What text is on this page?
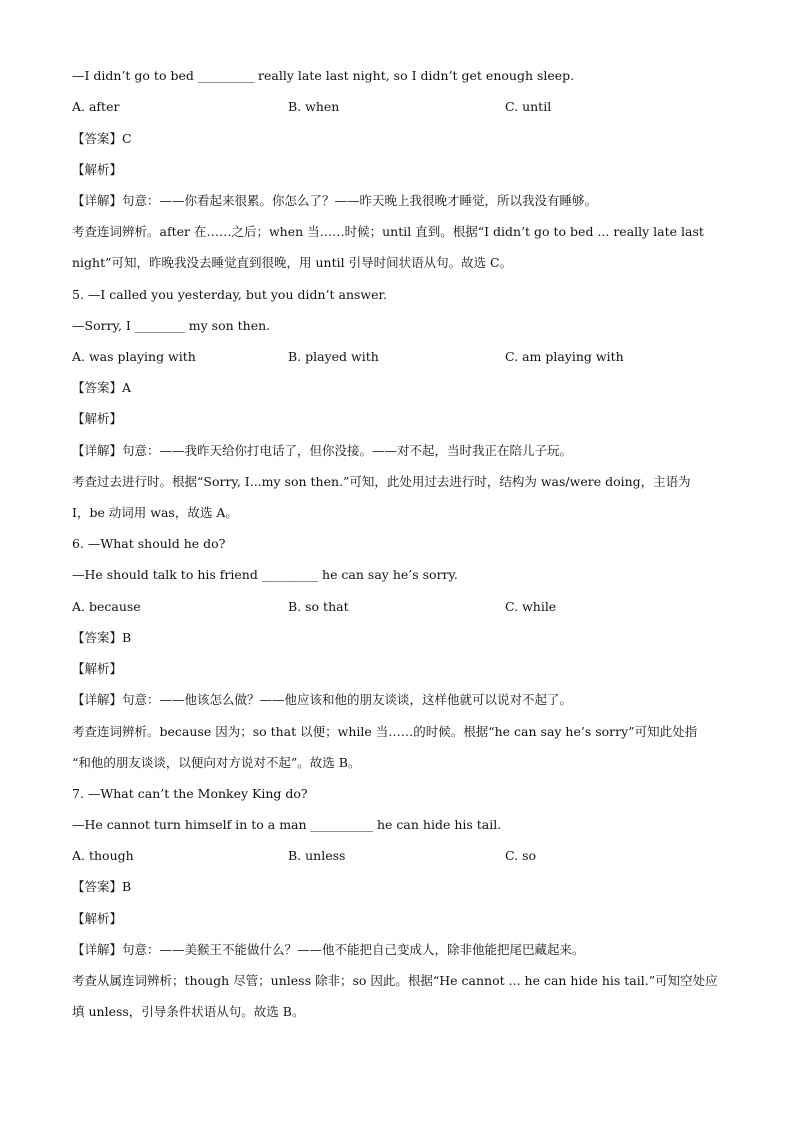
—I didn’t go to bed _________ really late last night, so I didn’t get enough sleep.
A. after	B. when	C. until
【答案】C
【解析】
【详解】句意：——你看起来很累。你怎么了？——昨天晚上我很晚才睡觉，所以我没有睡够。
考查连词辨析。after 在……之后；when 当……时候；until 直到。根据“I didn’t go to bed ... really late last
night”可知，昨晚我没去睡觉直到很晚，用 until 引导时间状语从句。故选 C。
5. —I called you yesterday, but you didn’t answer.
—Sorry, I ________ my son then.
A. was playing with	B. played with	C. am playing with
【答案】A
【解析】
【详解】句意：——我昨天给你打电话了，但你没接。——对不起，当时我正在陪儿子玩。
考查过去进行时。根据“Sorry, I...my son then.”可知，此处用过去进行时，结构为 was/were doing，主语为
I，be 动词用 was，故选 A。
6. —What should he do?
—He should talk to his friend _________ he can say he’s sorry.
A. because	B. so that	C. while
【答案】B
【解析】
【详解】句意：——他该怎么做？——他应该和他的朋友谈谈，这样他就可以说对不起了。
考查连词辨析。because 因为；so that 以便；while 当……的时候。根据“he can say he’s sorry”可知此处指
“和他的朋友谈谈，以便向对方说对不起”。故选 B。
7. —What can’t the Monkey King do?
—He cannot turn himself in to a man __________ he can hide his tail.
A. though	B. unless	C. so
【答案】B
【解析】
【详解】句意：——美猴王不能做什么？——他不能把自己变成人，除非他能把尾巴藏起来。
考查从属连词辨析；though 尽管；unless 除非；so 因此。根据“He cannot ... he can hide his tail.”可知空处应
填 unless，引导条件状语从句。故选 B。
